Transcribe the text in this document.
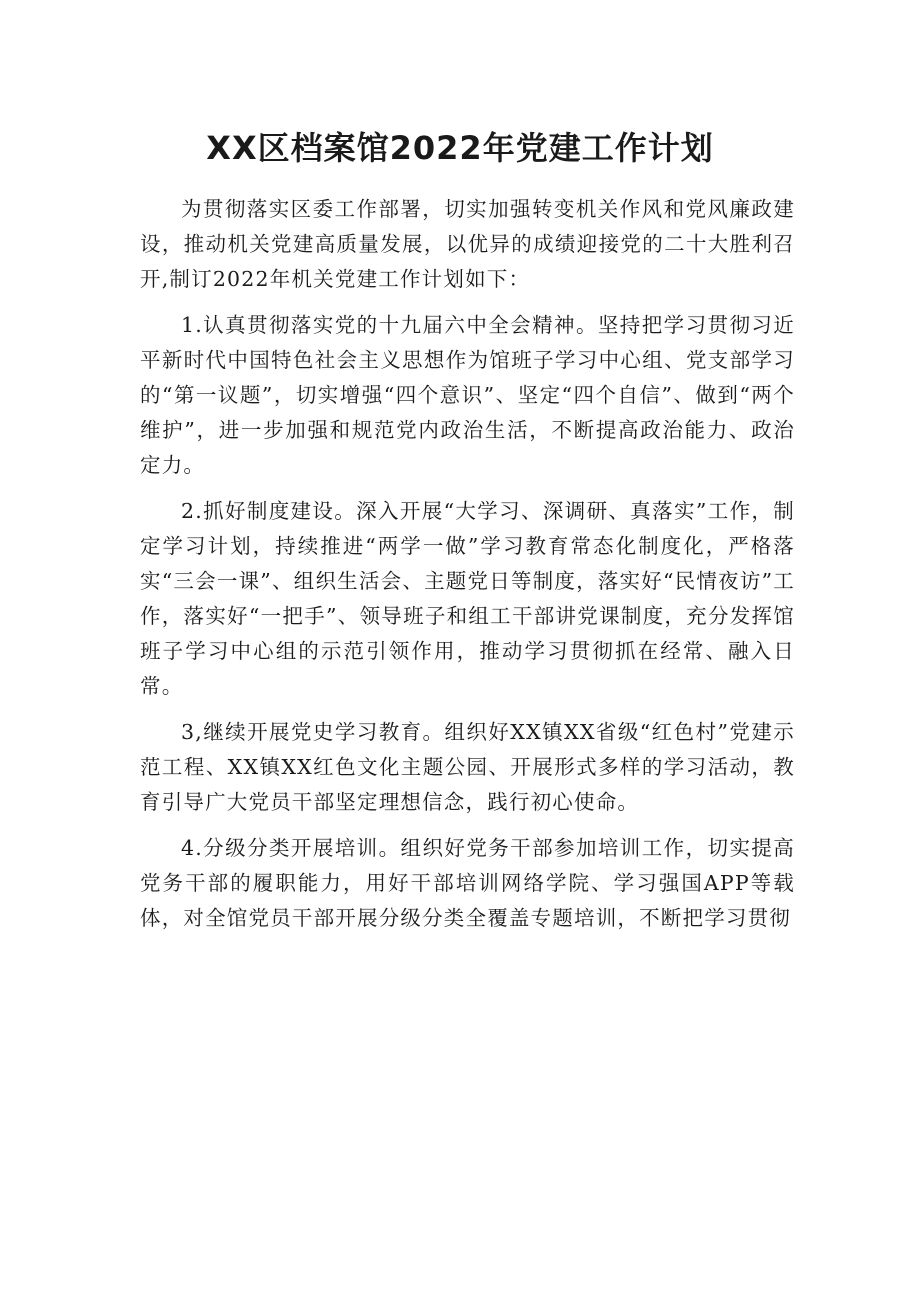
XX区档案馆2022年党建工作计划

为贯彻落实区委工作部署，切实加强转变机关作风和党风廉政建设，推动机关党建高质量发展，以优异的成绩迎接党的二十大胜利召开,制订2022年机关党建工作计划如下：

1.认真贯彻落实党的十九届六中全会精神。坚持把学习贯彻习近平新时代中国特色社会主义思想作为馆班子学习中心组、党支部学习的“第一议题”，切实增强“四个意识”、坚定“四个自信”、做到“两个维护”，进一步加强和规范党内政治生活，不断提高政治能力、政治定力。

2.抓好制度建设。深入开展“大学习、深调研、真落实”工作，制定学习计划，持续推进“两学一做”学习教育常态化制度化，严格落实“三会一课”、组织生活会、主题党日等制度，落实好“民情夜访”工作，落实好“一把手”、领导班子和组工干部讲党课制度，充分发挥馆班子学习中心组的示范引领作用，推动学习贯彻抓在经常、融入日常。

3,继续开展党史学习教育。组织好XX镇XX省级“红色村”党建示范工程、XX镇XX红色文化主题公园、开展形式多样的学习活动，教育引导广大党员干部坚定理想信念，践行初心使命。

4.分级分类开展培训。组织好党务干部参加培训工作，切实提高党务干部的履职能力，用好干部培训网络学院、学习强国APP等载体，对全馆党员干部开展分级分类全覆盖专题培训，不断把学习贯彻
